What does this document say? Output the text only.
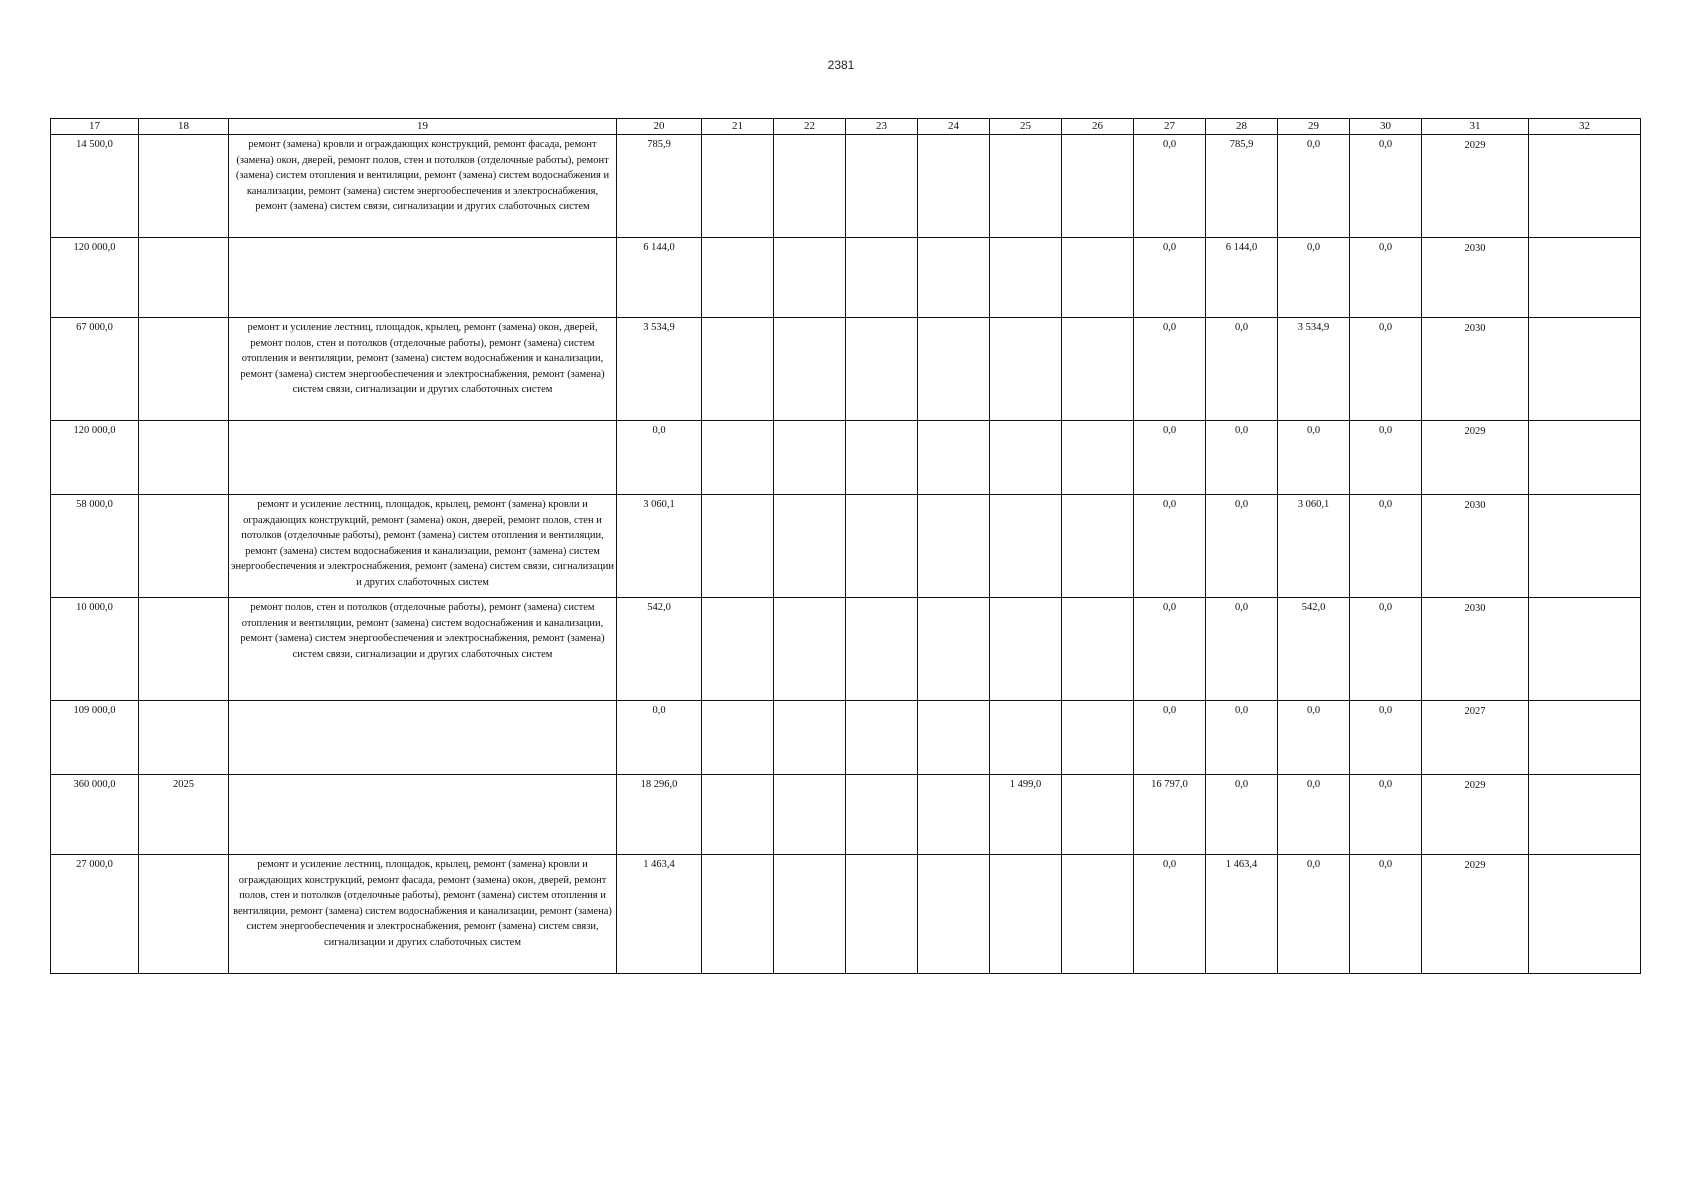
2381
17	18	19	20	21	22	23	24	25	26	27	28	29	30	31	32
14 500,0		ремонт (замена) кровли и ограждающих конструкций, ремонт фасада, ремонт (замена) окон, дверей, ремонт полов, стен и потолков (отделочные работы), ремонт (замена) систем отопления и вентиляции, ремонт (замена) систем водоснабжения и канализации, ремонт (замена) систем энергообеспечения и электроснабжения, ремонт (замена) систем связи, сигнализации и других слаботочных систем	785,9							0,0	785,9	0,0	0,0	2029	
120 000,0			6 144,0							0,0	6 144,0	0,0	0,0	2030	
67 000,0		ремонт и усиление лестниц, площадок, крылец, ремонт (замена) окон, дверей, ремонт полов, стен и потолков (отделочные работы), ремонт (замена) систем отопления и вентиляции, ремонт (замена) систем водоснабжения и канализации, ремонт (замена) систем энергообеспечения и электроснабжения, ремонт (замена) систем связи, сигнализации и других слаботочных систем	3 534,9							0,0	0,0	3 534,9	0,0	2030	
120 000,0			0,0							0,0	0,0	0,0	0,0	2029	
58 000,0		ремонт и усиление лестниц, площадок, крылец, ремонт (замена) кровли и ограждающих конструкций, ремонт (замена) окон, дверей, ремонт полов, стен и потолков (отделочные работы), ремонт (замена) систем отопления и вентиляции, ремонт (замена) систем водоснабжения и канализации, ремонт (замена) систем энергообеспечения и электроснабжения, ремонт (замена) систем связи, сигнализации и других слаботочных систем	3 060,1							0,0	0,0	3 060,1	0,0	2030	
10 000,0		ремонт полов, стен и потолков (отделочные работы), ремонт (замена) систем отопления и вентиляции, ремонт (замена) систем водоснабжения и канализации, ремонт (замена) систем энергообеспечения и электроснабжения, ремонт (замена) систем связи, сигнализации и других слаботочных систем	542,0							0,0	0,0	542,0	0,0	2030	
109 000,0			0,0							0,0	0,0	0,0	0,0	2027	
360 000,0	2025		18 296,0					1 499,0		16 797,0	0,0	0,0	0,0	2029	
27 000,0		ремонт и усиление лестниц, площадок, крылец, ремонт (замена) кровли и ограждающих конструкций, ремонт фасада, ремонт (замена) окон, дверей, ремонт полов, стен и потолков (отделочные работы), ремонт (замена) систем отопления и вентиляции, ремонт (замена) систем водоснабжения и канализации, ремонт (замена) систем энергообеспечения и электроснабжения, ремонт (замена) систем связи, сигнализации и других слаботочных систем	1 463,4							0,0	1 463,4	0,0	0,0	2029	
